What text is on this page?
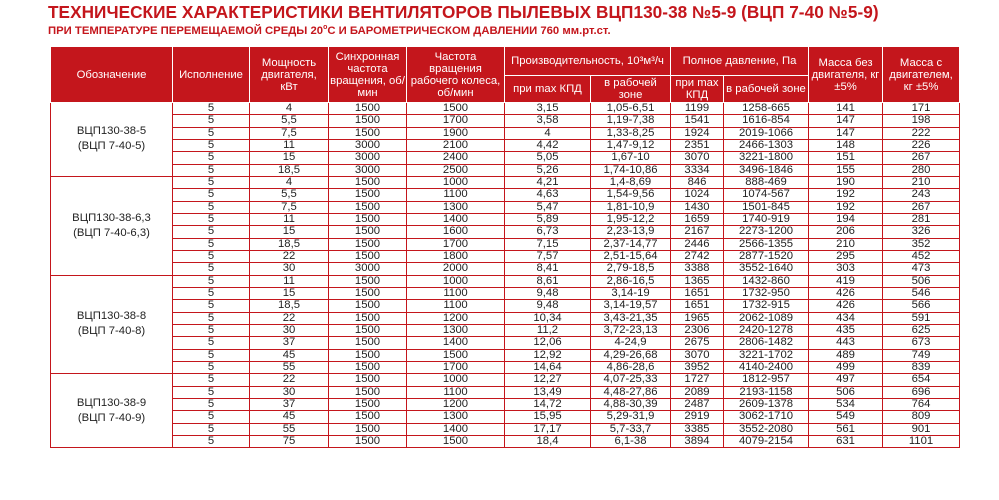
ТЕХНИЧЕСКИЕ ХАРАКТЕРИСТИКИ ВЕНТИЛЯТОРОВ ПЫЛЕВЫХ ВЦП130-38 №5-9 (ВЦП 7-40 №5-9)

ПРИ ТЕМПЕРАТУРЕ ПЕРЕМЕЩАЕМОЙ СРЕДЫ 20$^o$С И БАРОМЕТРИЧЕСКОМ ДАВЛЕНИИ 760 мм.рт.ст.

Обозначение	Исполнение	Мощность двигателя, кВт	Синхронная частота вращения, об/мин	Частота вращения рабочего колеса, об/мин	Производительность, 10³м³/ч		Полное давление, Па		Масса без двигателя, кг ±5%	Масса с двигателем, кг ±5%
					при max КПД	в рабочей зоне	при max КПД	в рабочей зоне		
ВЦП130-38-5
(ВЦП 7-40-5)	5	4	1500	1500	3,15	1,05-6,51	1199	1258-665	141	171
	5	5,5	1500	1700	3,58	1,19-7,38	1541	1616-854	147	198
	5	7,5	1500	1900	4	1,33-8,25	1924	2019-1066	147	222
	5	11	3000	2100	4,42	1,47-9,12	2351	2466-1303	148	226
	5	15	3000	2400	5,05	1,67-10	3070	3221-1800	151	267
	5	18,5	3000	2500	5,26	1,74-10,86	3334	3496-1846	155	280
ВЦП130-38-6,3
(ВЦП 7-40-6,3)	5	4	1500	1000	4,21	1,4-8,69	846	888-469	190	210
	5	5,5	1500	1100	4,63	1,54-9,56	1024	1074-567	192	243
	5	7,5	1500	1300	5,47	1,81-10,9	1430	1501-845	192	267
	5	11	1500	1400	5,89	1,95-12,2	1659	1740-919	194	281
	5	15	1500	1600	6,73	2,23-13,9	2167	2273-1200	206	326
	5	18,5	1500	1700	7,15	2,37-14,77	2446	2566-1355	210	352
	5	22	1500	1800	7,57	2,51-15,64	2742	2877-1520	295	452
	5	30	3000	2000	8,41	2,79-18,5	3388	3552-1640	303	473
ВЦП130-38-8
(ВЦП 7-40-8)	5	11	1500	1000	8,61	2,86-16,5	1365	1432-860	419	506
	5	15	1500	1100	9,48	3,14-19	1651	1732-950	426	546
	5	18,5	1500	1100	9,48	3,14-19,57	1651	1732-915	426	566
	5	22	1500	1200	10,34	3,43-21,35	1965	2062-1089	434	591
	5	30	1500	1300	11,2	3,72-23,13	2306	2420-1278	435	625
	5	37	1500	1400	12,06	4-24,9	2675	2806-1482	443	673
	5	45	1500	1500	12,92	4,29-26,68	3070	3221-1702	489	749
	5	55	1500	1700	14,64	4,86-28,6	3952	4140-2400	499	839
ВЦП130-38-9
(ВЦП 7-40-9)	5	22	1500	1000	12,27	4,07-25,33	1727	1812-957	497	654
	5	30	1500	1100	13,49	4,48-27,86	2089	2193-1158	506	696
	5	37	1500	1200	14,72	4,88-30,39	2487	2609-1378	534	764
	5	45	1500	1300	15,95	5,29-31,9	2919	3062-1710	549	809
	5	55	1500	1400	17,17	5,7-33,7	3385	3552-2080	561	901
	5	75	1500	1500	18,4	6,1-38	3894	4079-2154	631	1101
